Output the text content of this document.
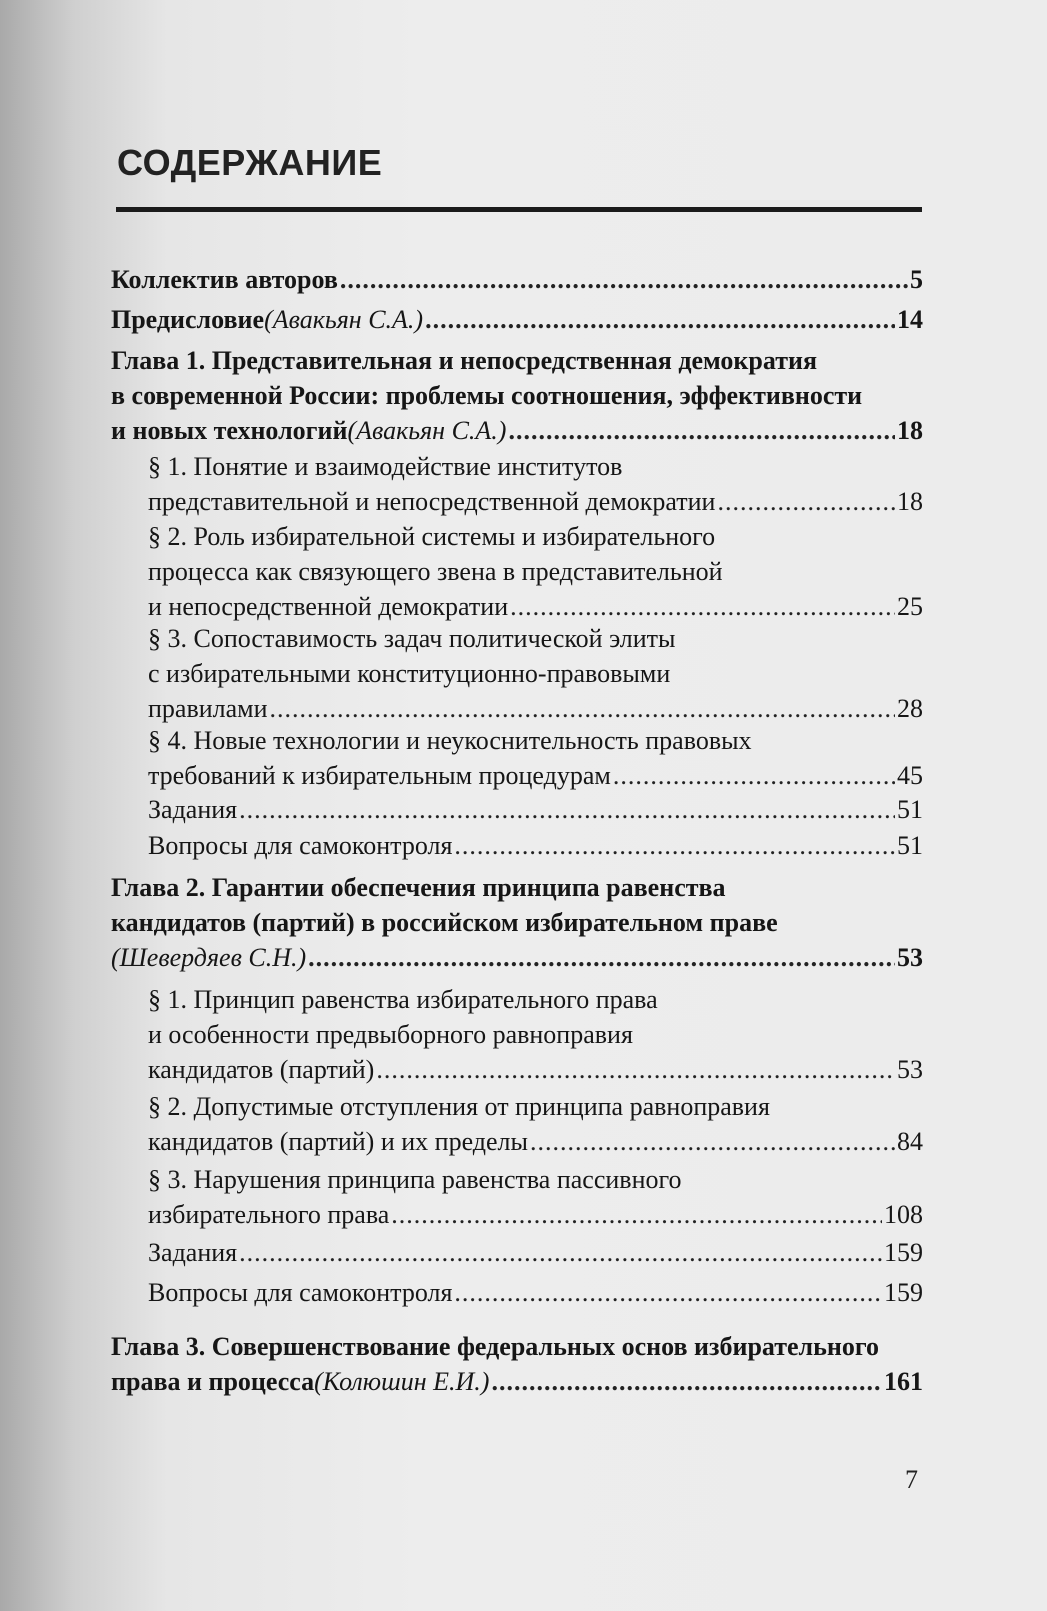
СОДЕРЖАНИЕ
Коллектив авторов .....	5
Предисловие (Авакьян С.А.) .....	14
Глава 1. Представительная и непосредственная демократия
в современной России: проблемы соотношения, эффективности
и новых технологий (Авакьян С.А.) .....	18
§ 1. Понятие и взаимодействие институтов
представительной и непосредственной демократии .....	18
§ 2. Роль избирательной системы и избирательного
процесса как связующего звена в представительной
и непосредственной демократии .....	25
§ 3. Сопоставимость задач политической элиты
с избирательными конституционно-правовыми
правилами .....	28
§ 4. Новые технологии и неукоснительность правовых
требований к избирательным процедурам .....	45
Задания .....	51
Вопросы для самоконтроля .....	51
Глава 2. Гарантии обеспечения принципа равенства
кандидатов (партий) в российском избирательном праве
(Шевердяев С.Н.) .....	53
§ 1. Принцип равенства избирательного права
и особенности предвыборного равноправия
кандидатов (партий) .....	53
§ 2. Допустимые отступления от принципа равноправия
кандидатов (партий) и их пределы .....	84
§ 3. Нарушения принципа равенства пассивного
избирательного права .....	108
Задания .....	159
Вопросы для самоконтроля .....	159
Глава 3. Совершенствование федеральных основ избирательного
права и процесса (Колюшин Е.И.) .....	161
7
